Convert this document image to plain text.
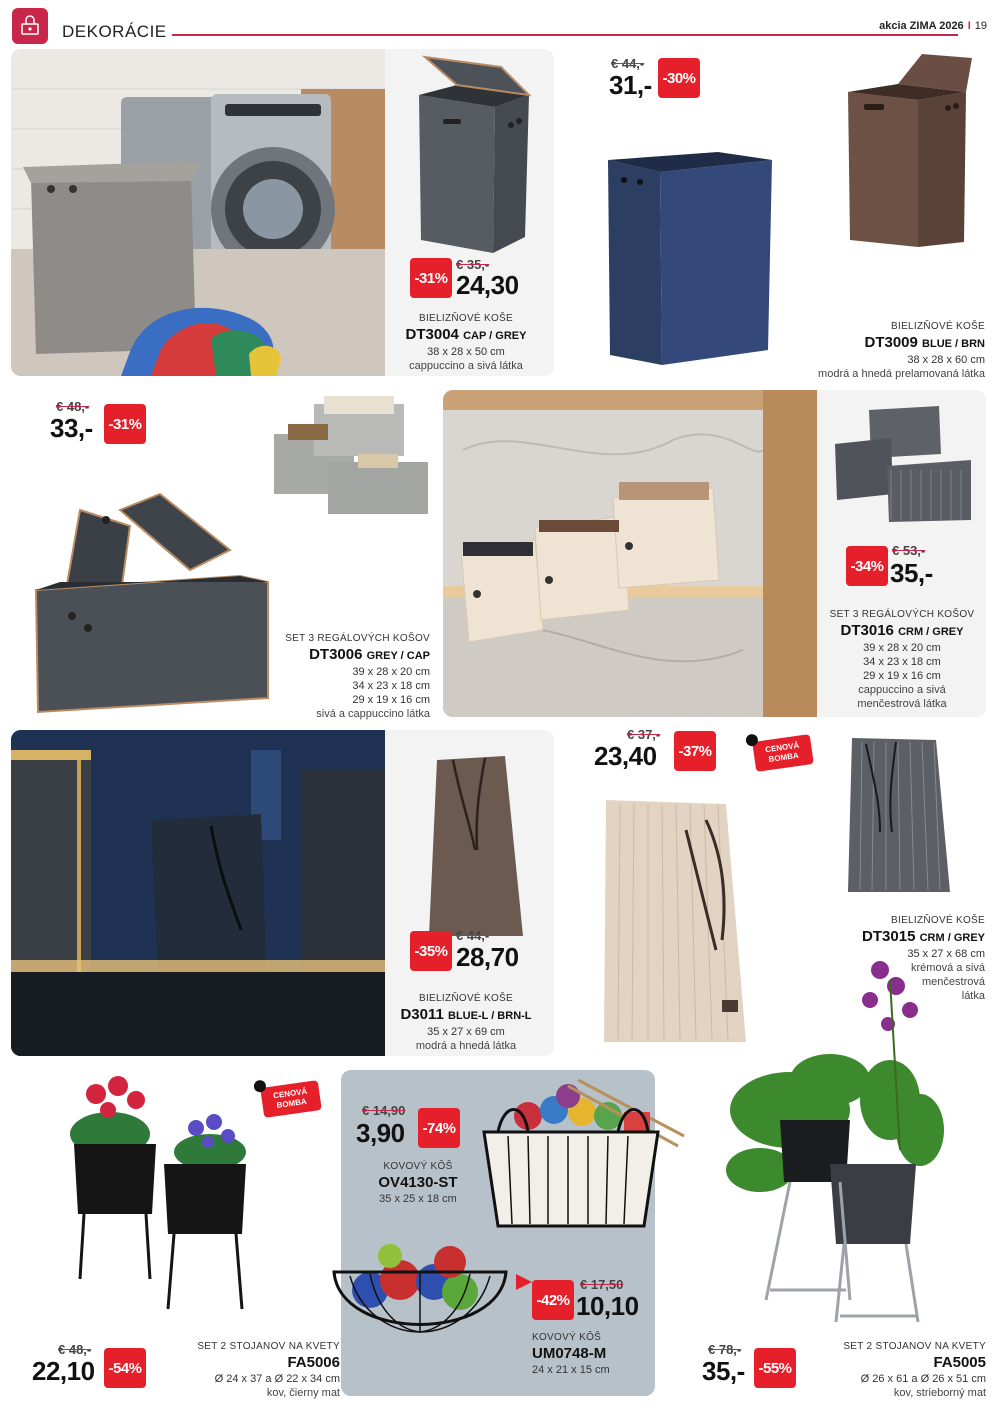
DEKORÁCIE	akcia ZIMA 2026 I 19
-31%
€ 35,-
24,30
BIELIZŇOVÉ KOŠE
DT3004 CAP / GREY
38 x 28 x 50 cm
cappuccino a sivá látka
€ 44,-
31,- -30%
BIELIZŇOVÉ KOŠE
DT3009 BLUE / BRN
38 x 28 x 60 cm
modrá a hnedá prelamovaná látka
€ 48,-
33,- -31%
SET 3 REGÁLOVÝCH KOŠOV
DT3006 GREY / CAP
39 x 28 x 20 cm
34 x 23 x 18 cm
29 x 19 x 16 cm
sivá a cappuccino látka
-34%
€ 53,-
35,-
SET 3 REGÁLOVÝCH KOŠOV
DT3016 CRM / GREY
39 x 28 x 20 cm
34 x 23 x 18 cm
29 x 19 x 16 cm
cappuccino a sivá
menčestrová látka
-35%
€ 44,-
28,70
BIELIZŇOVÉ KOŠE
D3011 BLUE-L / BRN-L
35 x 27 x 69 cm
modrá a hnedá látka
€ 37,-
23,40 -37%	CENOVÁ
BOMBA
BIELIZŇOVÉ KOŠE
DT3015 CRM / GREY
35 x 27 x 68 cm
krémová a sivá
menčestrová
látka
CENOVÁ
BOMBA
€ 48,-
22,10 -54%
SET 2 STOJANOV NA KVETY
FA5006
Ø 24 x 37 a Ø 22 x 34 cm
kov, čierny mat
€ 14,90
3,90 -74%
KOVOVÝ KÔŠ
OV4130-ST
35 x 25 x 18 cm
-42%
€ 17,50
10,10
KOVOVÝ KÔŠ
UM0748-M
24 x 21 x 15 cm
€ 78,-
35,- -55%
SET 2 STOJANOV NA KVETY
FA5005
Ø 26 x 61 a Ø 26 x 51 cm
kov, strieborný mat
